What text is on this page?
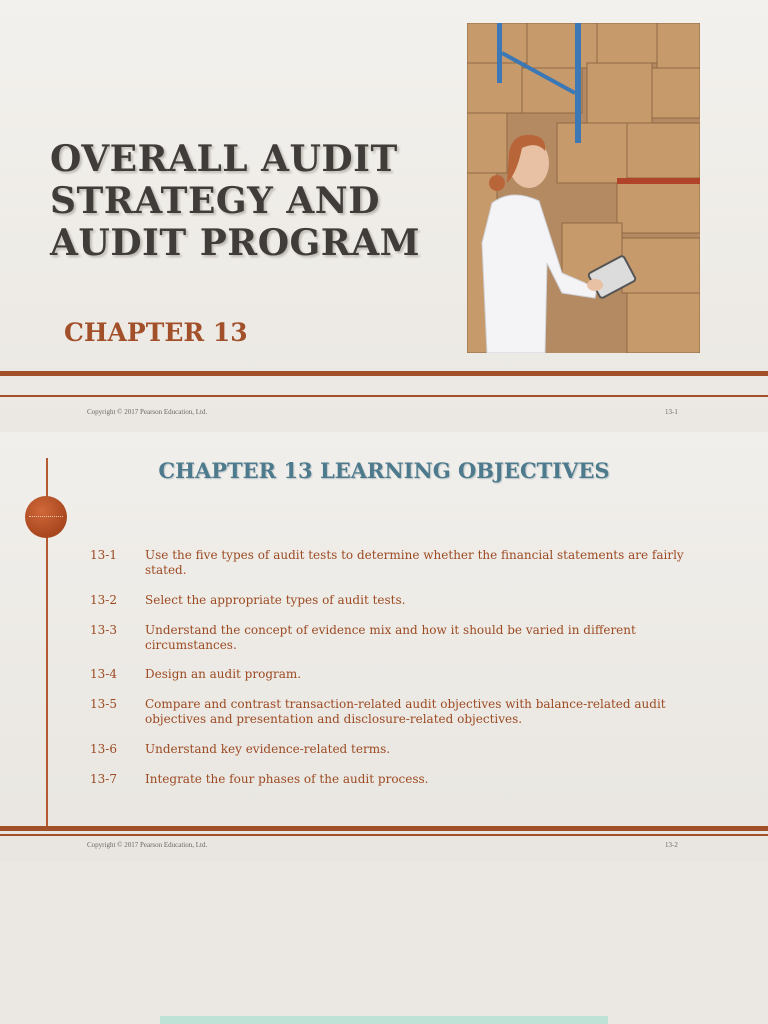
OVERALL AUDIT
STRATEGY AND
AUDIT PROGRAM
CHAPTER 13
Copyright © 2017 Pearson Education, Ltd.	13-1
CHAPTER 13 LEARNING OBJECTIVES
13-1	Use the five types of audit tests to determine whether the financial statements are fairly stated.
13-2	Select the appropriate types of audit tests.
13-3	Understand the concept of evidence mix and how it should be varied in different circumstances.
13-4	Design an audit program.
13-5	Compare and contrast transaction-related audit objectives with balance-related audit objectives and presentation and disclosure-related objectives.
13-6	Understand key evidence-related terms.
13-7	Integrate the four phases of the audit process.
Copyright © 2017 Pearson Education, Ltd.	13-2
